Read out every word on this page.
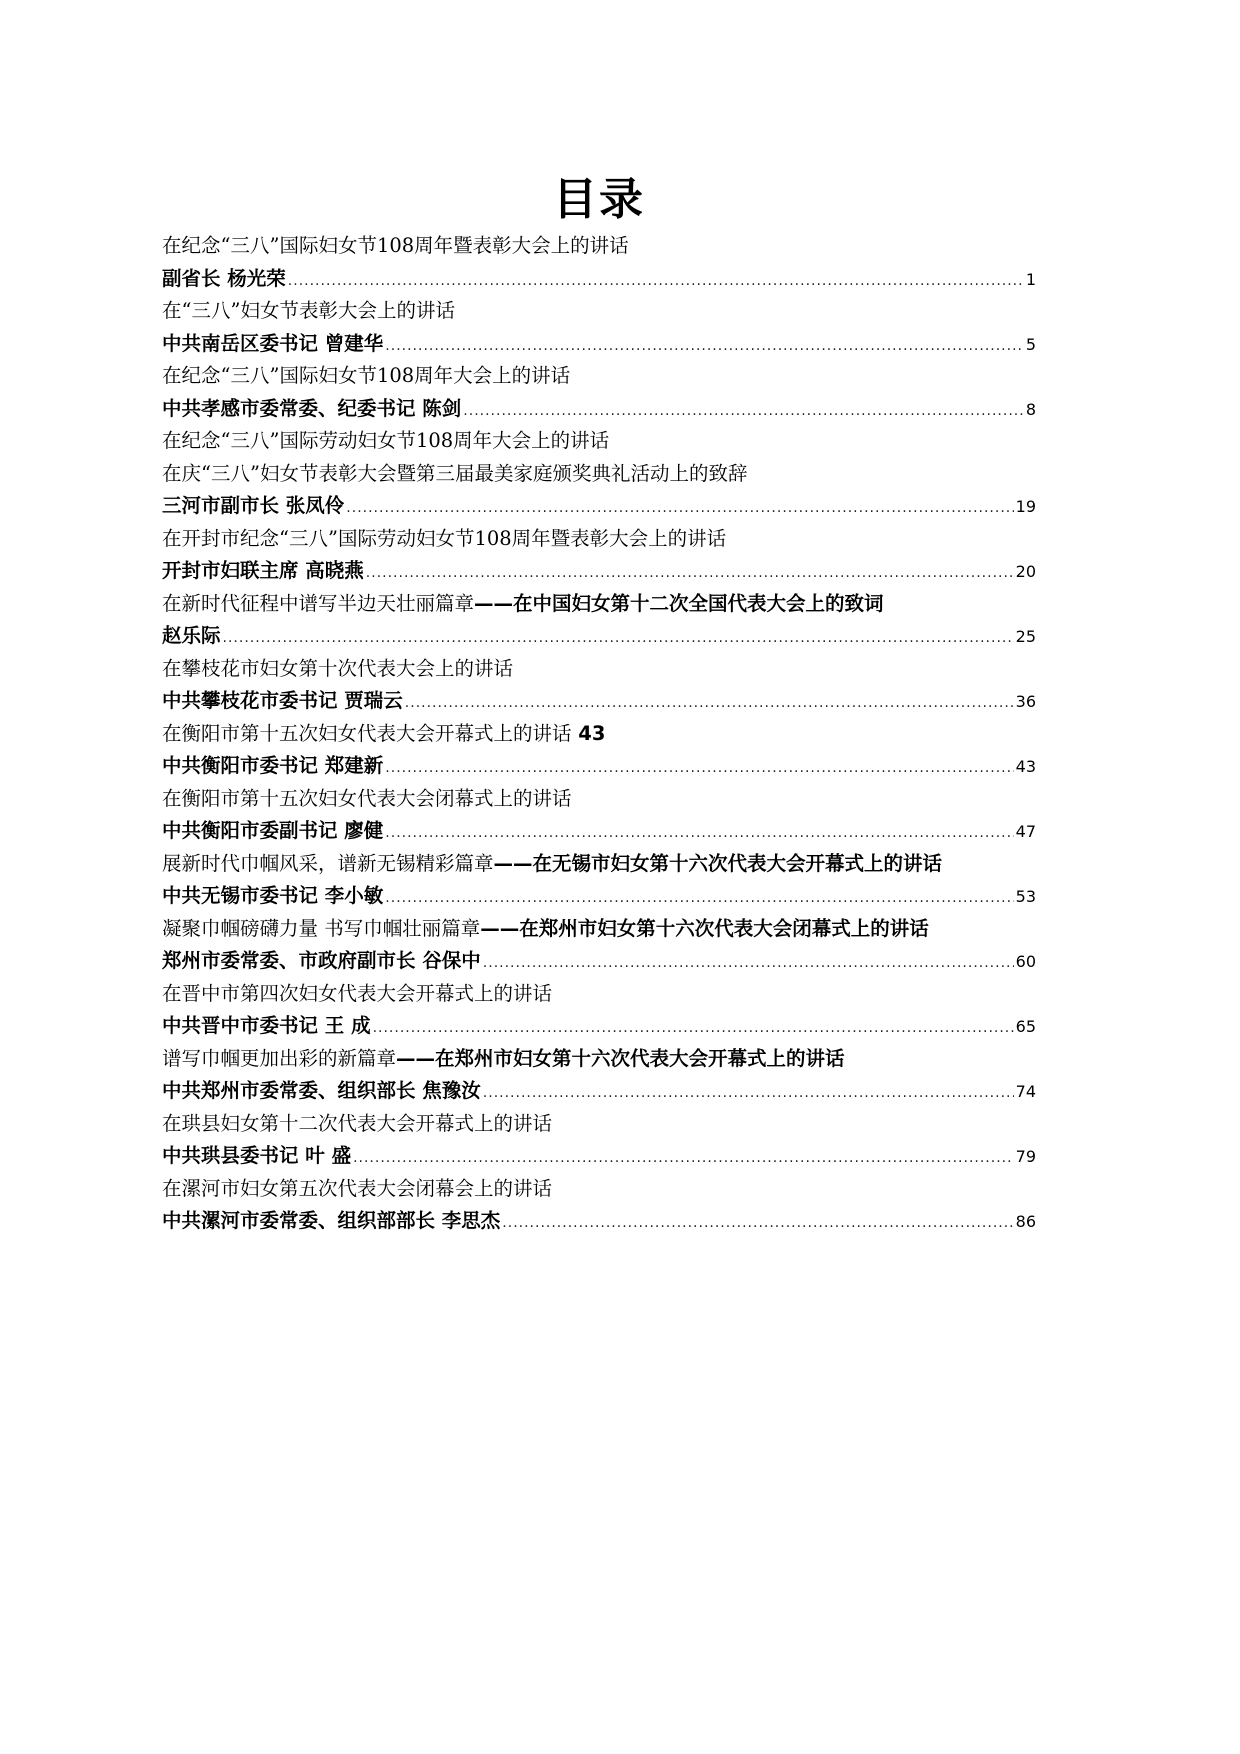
目录
在纪念“三八”国际妇女节108周年暨表彰大会上的讲话
副省长 杨光荣 .....	1
在“三八”妇女节表彰大会上的讲话
中共南岳区委书记 曾建华 .....	5
在纪念“三八”国际妇女节108周年大会上的讲话
中共孝感市委常委、纪委书记 陈剑 .....	8
在纪念“三八”国际劳动妇女节108周年大会上的讲话
在庆“三八”妇女节表彰大会暨第三届最美家庭颁奖典礼活动上的致辞
三河市副市长 张凤伶 .....	19
在开封市纪念“三八”国际劳动妇女节108周年暨表彰大会上的讲话
开封市妇联主席 高晓燕 .....	20
在新时代征程中谱写半边天壮丽篇章——在中国妇女第十二次全国代表大会上的致词
赵乐际 .....	25
在攀枝花市妇女第十次代表大会上的讲话
中共攀枝花市委书记 贾瑞云 .....	36
在衡阳市第十五次妇女代表大会开幕式上的讲话 43
中共衡阳市委书记 郑建新 .....	43
在衡阳市第十五次妇女代表大会闭幕式上的讲话
中共衡阳市委副书记 廖健 .....	47
展新时代巾帼风采，谱新无锡精彩篇章——在无锡市妇女第十六次代表大会开幕式上的讲话
中共无锡市委书记 李小敏 .....	53
凝聚巾帼磅礴力量 书写巾帼壮丽篇章——在郑州市妇女第十六次代表大会闭幕式上的讲话
郑州市委常委、市政府副市长 谷保中 .....	60
在晋中市第四次妇女代表大会开幕式上的讲话
中共晋中市委书记 王 成 .....	65
谱写巾帼更加出彩的新篇章——在郑州市妇女第十六次代表大会开幕式上的讲话
中共郑州市委常委、组织部长 焦豫汝 .....	74
在珙县妇女第十二次代表大会开幕式上的讲话
中共珙县委书记 叶 盛 .....	79
在漯河市妇女第五次代表大会闭幕会上的讲话
中共漯河市委常委、组织部部长 李思杰 .....	86
